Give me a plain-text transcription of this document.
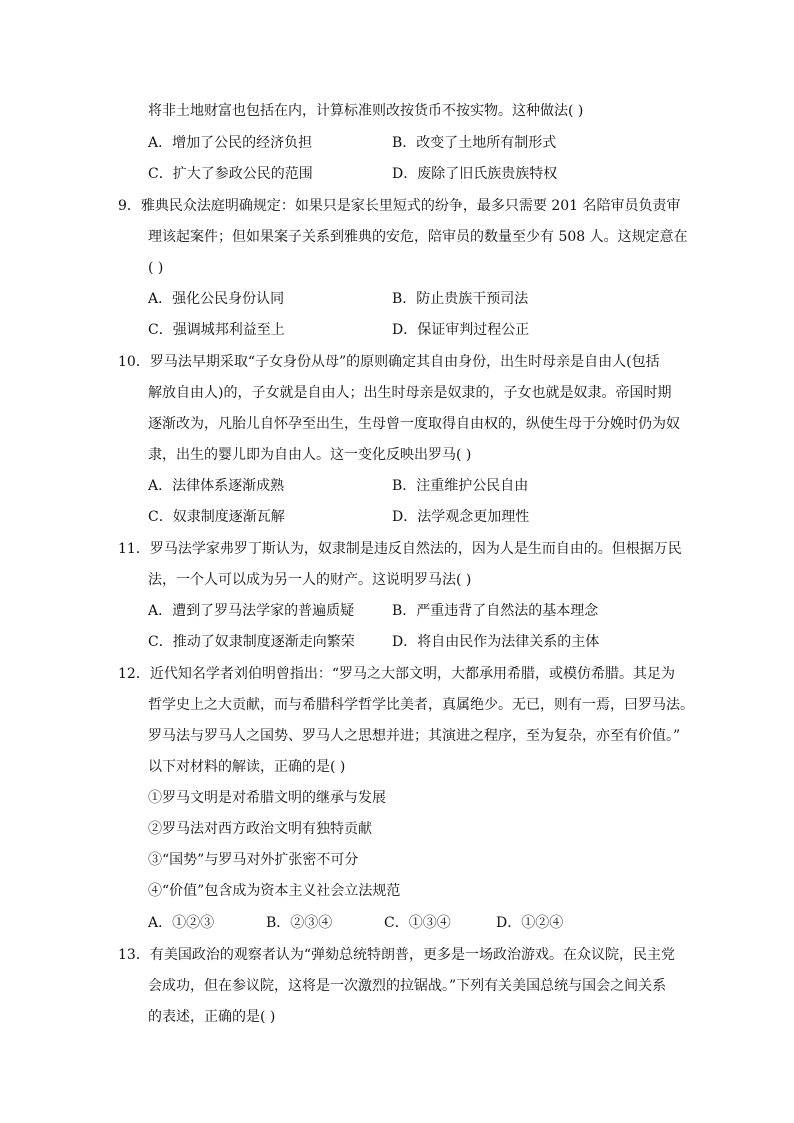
将非土地财富也包括在内，计算标准则改按货币不按实物。这种做法( )
A．增加了公民的经济负担	B．改变了土地所有制形式
C．扩大了参政公民的范围	D．废除了旧氏族贵族特权
9．雅典民众法庭明确规定：如果只是家长里短式的纷争，最多只需要 201 名陪审员负责审
理该起案件；但如果案子关系到雅典的安危，陪审员的数量至少有 508 人。这规定意在
( )
A．强化公民身份认同	B．防止贵族干预司法
C．强调城邦利益至上	D．保证审判过程公正
10．罗马法早期采取“子女身份从母”的原则确定其自由身份，出生时母亲是自由人(包括
解放自由人)的，子女就是自由人；出生时母亲是奴隶的，子女也就是奴隶。帝国时期
逐渐改为，凡胎儿自怀孕至出生，生母曾一度取得自由权的，纵使生母于分娩时仍为奴
隶，出生的婴儿即为自由人。这一变化反映出罗马( )
A．法律体系逐渐成熟	B．注重维护公民自由
C．奴隶制度逐渐瓦解	D．法学观念更加理性
11．罗马法学家弗罗丁斯认为，奴隶制是违反自然法的，因为人是生而自由的。但根据万民
法，一个人可以成为另一人的财产。这说明罗马法( )
A．遭到了罗马法学家的普遍质疑	B．严重违背了自然法的基本理念
C．推动了奴隶制度逐渐走向繁荣	D．将自由民作为法律关系的主体
12．近代知名学者刘伯明曾指出：“罗马之大部文明，大都承用希腊，或模仿希腊。其足为
哲学史上之大贡献，而与希腊科学哲学比美者，真属绝少。无已，则有一焉，曰罗马法。
罗马法与罗马人之国势、罗马人之思想并进；其演进之程序，至为复杂，亦至有价值。”
以下对材料的解读，正确的是( )
①罗马文明是对希腊文明的继承与发展
②罗马法对西方政治文明有独特贡献
③“国势”与罗马对外扩张密不可分
④“价值”包含成为资本主义社会立法规范
A．①②③	B．②③④	C．①③④	D．①②④
13．有美国政治的观察者认为“弹劾总统特朗普，更多是一场政治游戏。在众议院，民主党
会成功，但在参议院，这将是一次激烈的拉锯战。”下列有关美国总统与国会之间关系
的表述，正确的是( )
